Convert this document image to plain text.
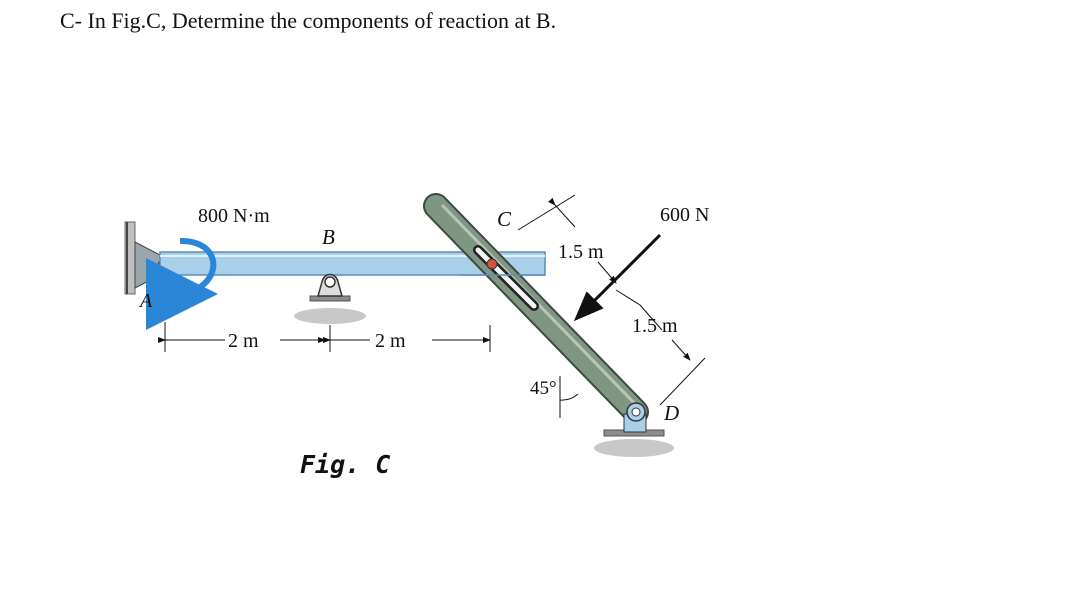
C- In Fig.C, Determine the components of reaction at B.
800 N·m
A
B
C
D
600 N
2 m	2 m
1.5 m
1.5 m
45°
Fig. C
